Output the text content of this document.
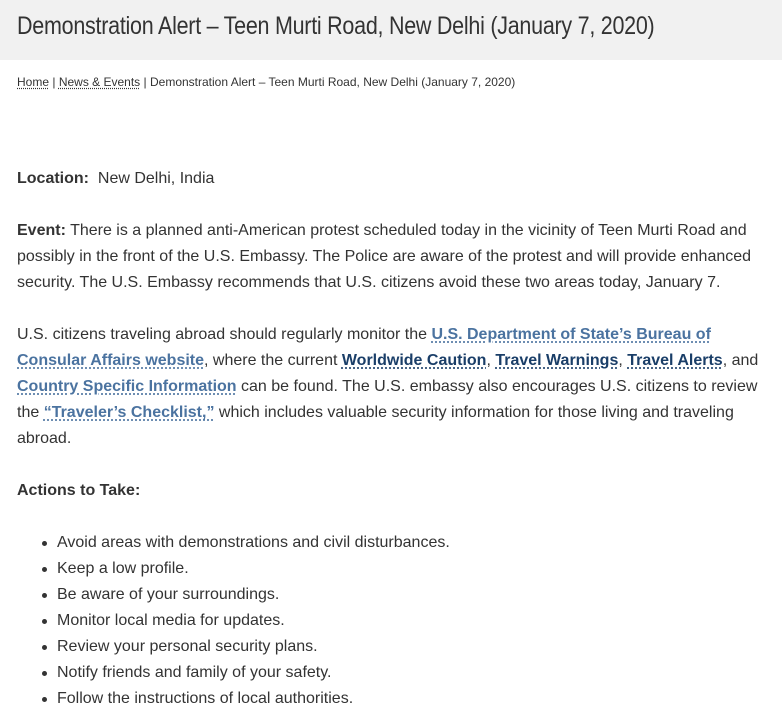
Demonstration Alert – Teen Murti Road, New Delhi (January 7, 2020)
Home | News & Events | Demonstration Alert – Teen Murti Road, New Delhi (January 7, 2020)

Location:  New Delhi, India

Event: There is a planned anti-American protest scheduled today in the vicinity of Teen Murti Road and possibly in the front of the U.S. Embassy. The Police are aware of the protest and will provide enhanced security. The U.S. Embassy recommends that U.S. citizens avoid these two areas today, January 7.

U.S. citizens traveling abroad should regularly monitor the U.S. Department of State’s Bureau of Consular Affairs website, where the current Worldwide Caution, Travel Warnings, Travel Alerts, and Country Specific Information can be found. The U.S. embassy also encourages U.S. citizens to review the “Traveler’s Checklist,” which includes valuable security information for those living and traveling abroad.

Actions to Take:

Avoid areas with demonstrations and civil disturbances.
Keep a low profile.
Be aware of your surroundings.
Monitor local media for updates.
Review your personal security plans.
Notify friends and family of your safety.
Follow the instructions of local authorities.
